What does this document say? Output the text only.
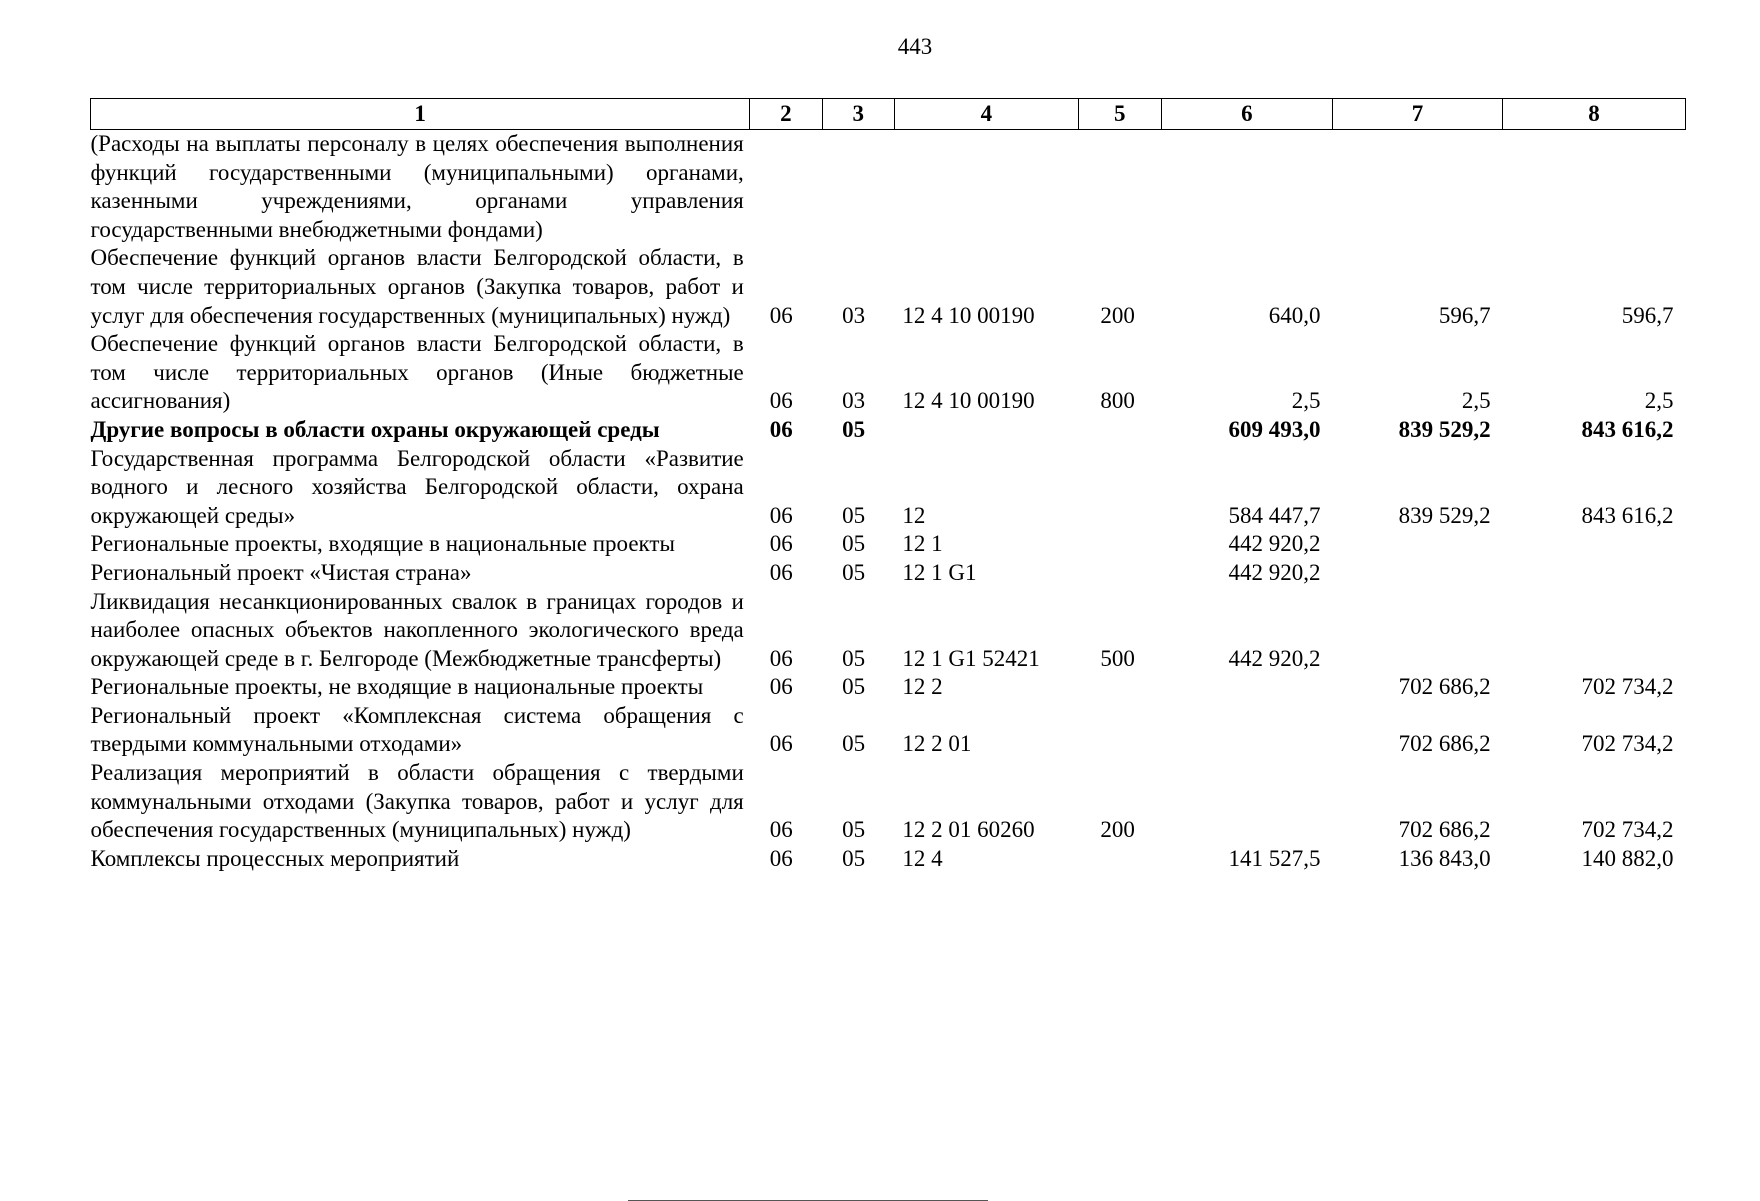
443
1	2	3	4	5	6	7	8
(Расходы на выплаты персоналу в целях обеспечения выполнения функций государственными (муниципальными) органами, казенными учреждениями, органами управления государственными внебюджетными фондами)							
Обеспечение функций органов власти Белгородской области, в том числе территориальных органов (Закупка товаров, работ и услуг для обеспечения государственных (муниципальных) нужд)	06	03	12 4 10 00190	200	640,0	596,7	596,7
Обеспечение функций органов власти Белгородской области, в том числе территориальных органов (Иные бюджетные ассигнования)	06	03	12 4 10 00190	800	2,5	2,5	2,5
Другие вопросы в области охраны окружающей среды	06	05			609 493,0	839 529,2	843 616,2
Государственная программа Белгородской области «Развитие водного и лесного хозяйства Белгородской области, охрана окружающей среды»	06	05	12		584 447,7	839 529,2	843 616,2
Региональные проекты, входящие в национальные проекты	06	05	12 1		442 920,2		
Региональный проект «Чистая страна»	06	05	12 1 G1		442 920,2		
Ликвидация несанкционированных свалок в границах городов и наиболее опасных объектов накопленного экологического вреда окружающей среде в г. Белгороде (Межбюджетные трансферты)	06	05	12 1 G1 52421	500	442 920,2		
Региональные проекты, не входящие в национальные проекты	06	05	12 2			702 686,2	702 734,2
Региональный проект «Комплексная система обращения с твердыми коммунальными отходами»	06	05	12 2 01			702 686,2	702 734,2
Реализация мероприятий в области обращения с твердыми коммунальными отходами (Закупка товаров, работ и услуг для обеспечения государственных (муниципальных) нужд)	06	05	12 2 01 60260	200		702 686,2	702 734,2
Комплексы процессных мероприятий	06	05	12 4		141 527,5	136 843,0	140 882,0
